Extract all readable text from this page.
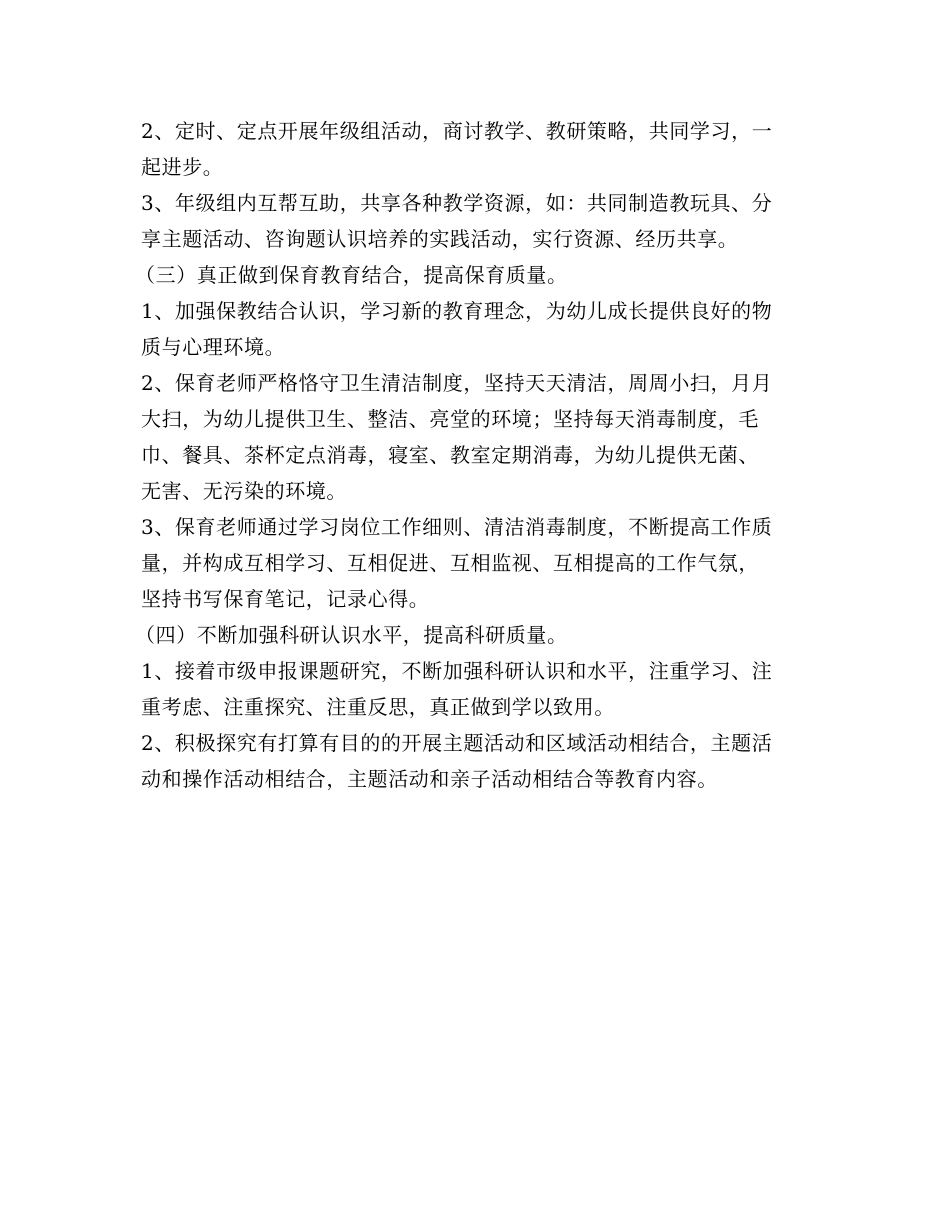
2、定时、定点开展年级组活动，商讨教学、教研策略，共同学习，一
起进步。

3、年级组内互帮互助，共享各种教学资源，如：共同制造教玩具、分
享主题活动、咨询题认识培养的实践活动，实行资源、经历共享。

（三）真正做到保育教育结合，提高保育质量。

1、加强保教结合认识，学习新的教育理念，为幼儿成长提供良好的物
质与心理环境。

2、保育老师严格恪守卫生清洁制度，坚持天天清洁，周周小扫，月月
大扫，为幼儿提供卫生、整洁、亮堂的环境；坚持每天消毒制度，毛
巾、餐具、茶杯定点消毒，寝室、教室定期消毒，为幼儿提供无菌、
无害、无污染的环境。

3、保育老师通过学习岗位工作细则、清洁消毒制度，不断提高工作质
量，并构成互相学习、互相促进、互相监视、互相提高的工作气氛，
坚持书写保育笔记，记录心得。

（四）不断加强科研认识水平，提高科研质量。

1、接着市级申报课题研究，不断加强科研认识和水平，注重学习、注
重考虑、注重探究、注重反思，真正做到学以致用。

2、积极探究有打算有目的的开展主题活动和区域活动相结合，主题活
动和操作活动相结合，主题活动和亲子活动相结合等教育内容。
